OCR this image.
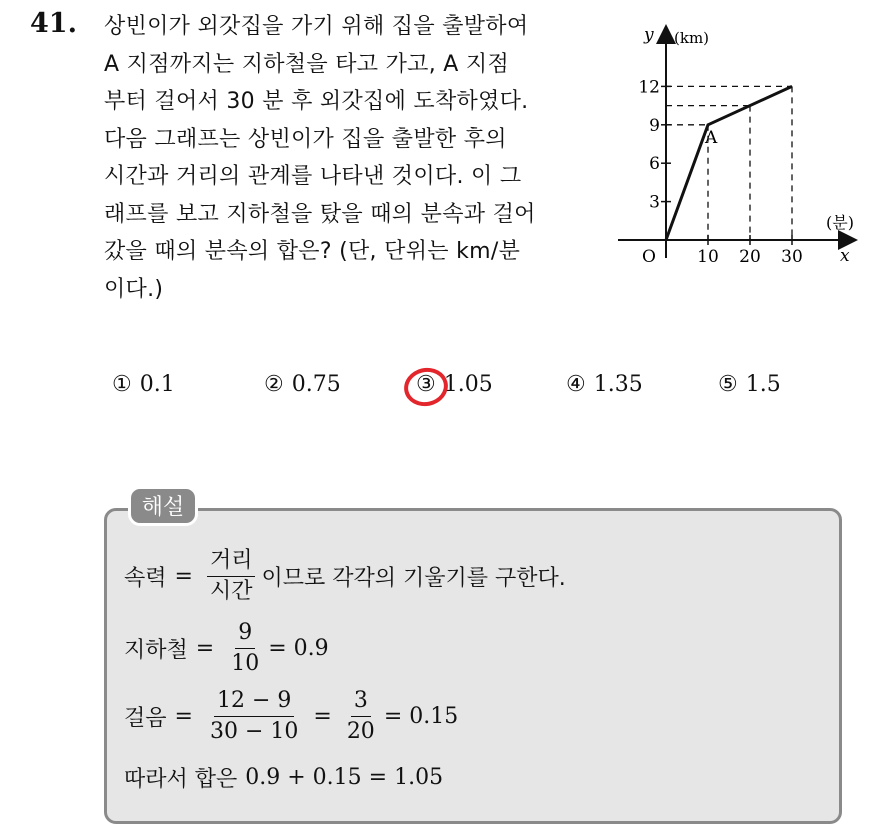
41. 상빈이가 외갓집을 가기 위해 집을 출발하여
A 지점까지는 지하철을 타고 가고, A 지점
부터 걸어서 30 분 후 외갓집에 도착하였다.
다음 그래프는 상빈이가 집을 출발한 후의
시간과 거리의 관계를 나타낸 것이다. 이 그
래프를 보고 지하철을 탔을 때의 분속과 걸어
갔을 때의 분속의 합은? (단, 단위는 km/분
이다.)
y (km)
(분)
x
O
A
3
6
9
12
10 20 30
① 0.1	② 0.75	③ 1.05	④ 1.35	⑤ 1.5
해설
속력 = $\frac{\text{거리}}{\text{시간}}$ 이므로 각각의 기울기를 구한다.
지하철 = $\frac{9}{10} = 0.9$
걸음 = $\frac{12 - 9}{30 - 10} = \frac{3}{20} = 0.15$
따라서 합은 0.9 + 0.15 = 1.05
